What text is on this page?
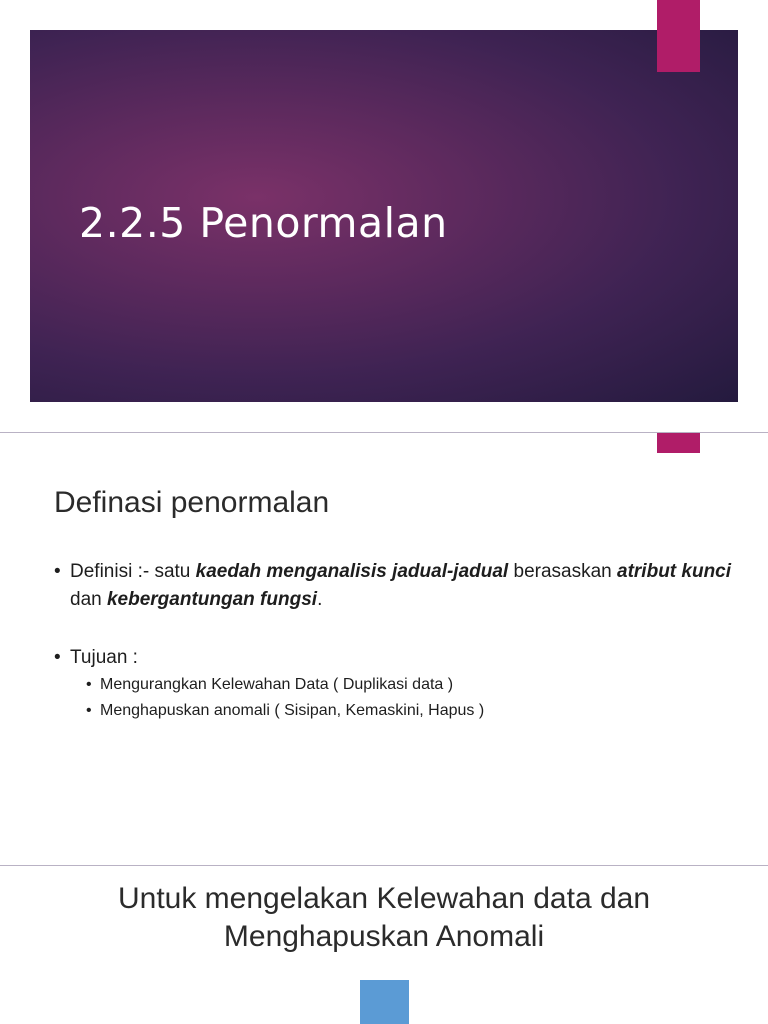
2.2.5 Penormalan
Definasi penormalan
• Definisi :- satu kaedah menganalisis jadual-jadual berasaskan atribut kunci dan kebergantungan fungsi.
• Tujuan :
• Mengurangkan Kelewahan Data ( Duplikasi data )
• Menghapuskan anomali ( Sisipan, Kemaskini, Hapus )
Untuk mengelakan Kelewahan data dan
Menghapuskan Anomali
